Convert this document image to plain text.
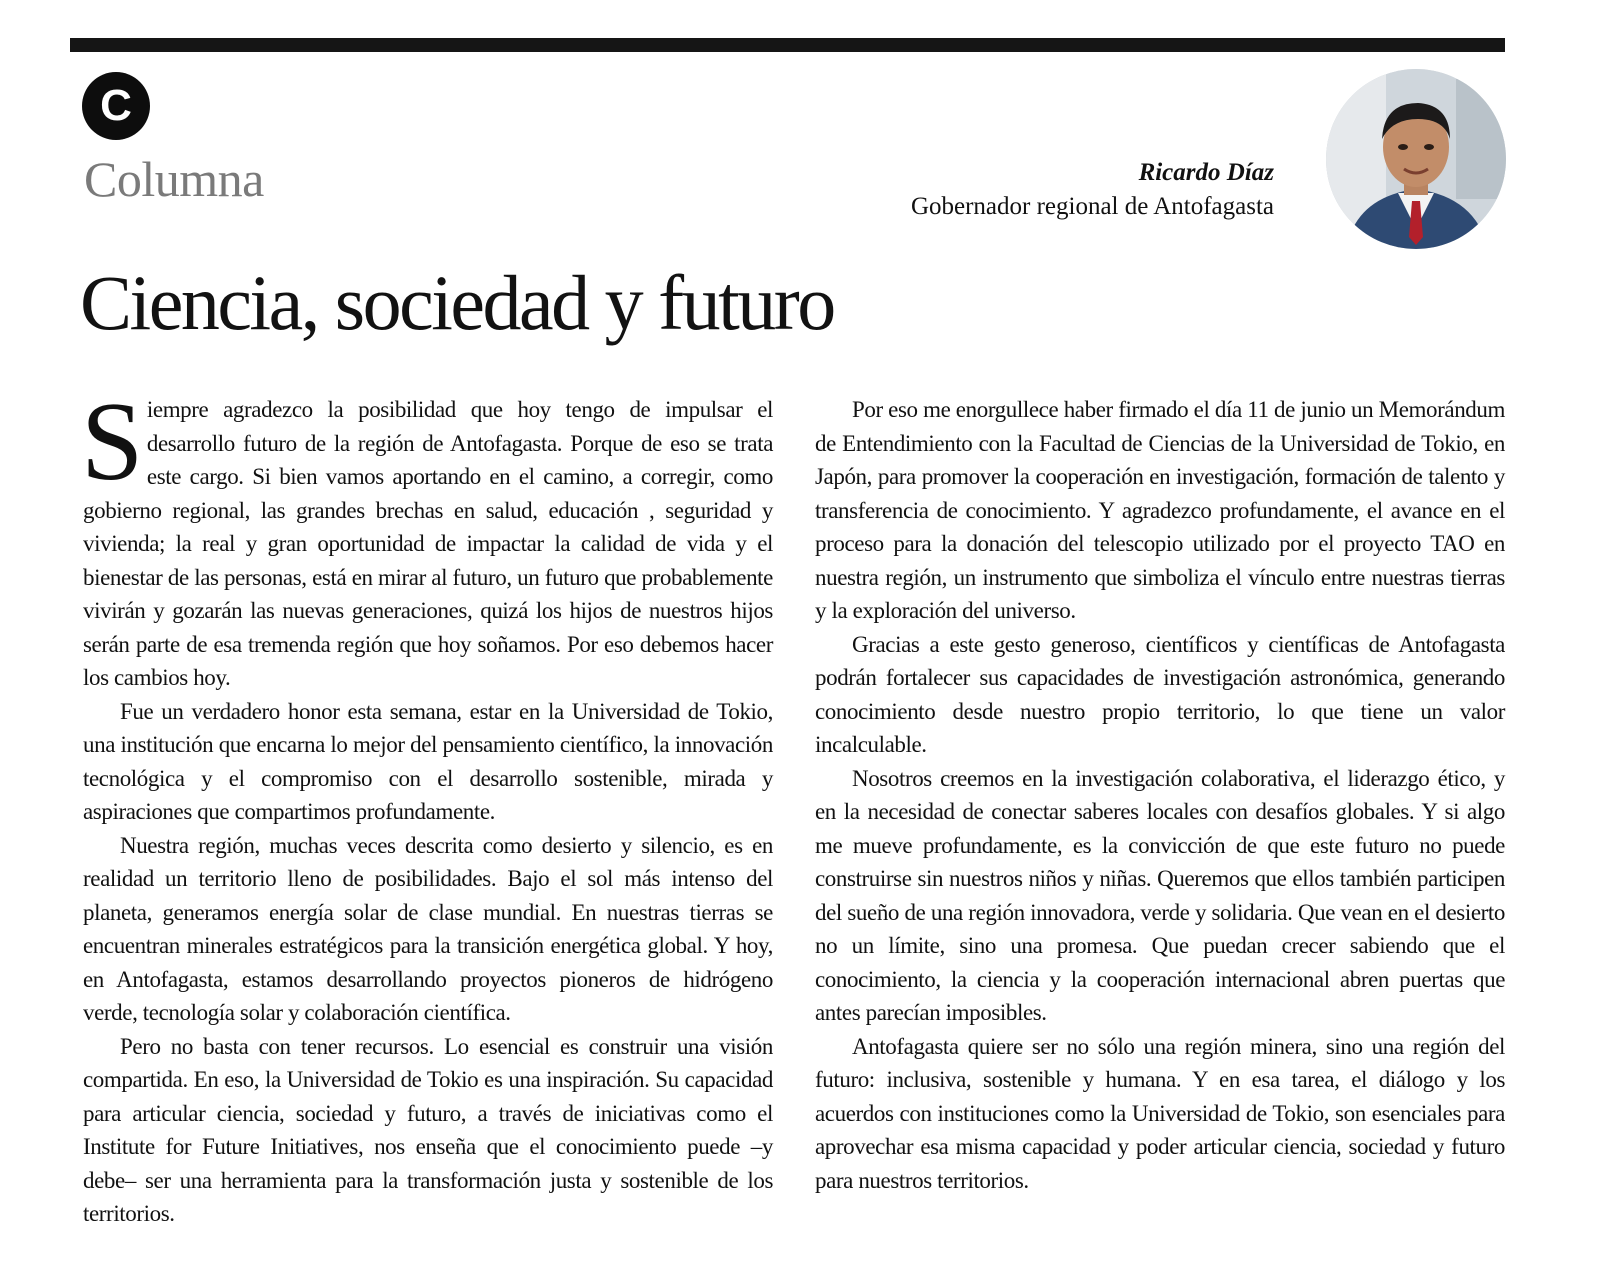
C
Columna	Ricardo Díaz
Gobernador regional de Antofagasta
Ciencia, sociedad y futuro

Siempre agradezco la posibilidad que hoy tengo de impulsar el desarrollo futuro de la región de Antofagasta. Porque de eso se trata este cargo. Si bien vamos aportando en el camino, a corregir, como gobierno regional, las grandes brechas en salud, educación , seguridad y vivienda; la real y gran oportunidad de impactar la calidad de vida y el bienestar de las personas, está en mirar al futuro, un futuro que probablemente vivirán y gozarán las nuevas generaciones, quizá los hijos de nuestros hijos serán parte de esa tremenda región que hoy soñamos. Por eso debemos hacer los cambios hoy.

Fue un verdadero honor esta semana, estar en la Universidad de Tokio, una institución que encarna lo mejor del pensamiento científico, la innovación tecnológica y el compromiso con el desarrollo sostenible, mirada y aspiraciones que compartimos profundamente.

Nuestra región, muchas veces descrita como desierto y silencio, es en realidad un territorio lleno de posibilidades. Bajo el sol más intenso del planeta, generamos energía solar de clase mundial. En nuestras tierras se encuentran minerales estratégicos para la transición energética global. Y hoy, en Antofagasta, estamos desarrollando proyectos pioneros de hidrógeno verde, tecnología solar y colaboración científica.

Pero no basta con tener recursos. Lo esencial es construir una visión compartida. En eso, la Universidad de Tokio es una inspiración. Su capacidad para articular ciencia, sociedad y futuro, a través de iniciativas como el Institute for Future Initiatives, nos enseña que el conocimiento puede –y debe– ser una herramienta para la transformación justa y sostenible de los territorios.

Por eso me enorgullece haber firmado el día 11 de junio un Memorándum de Entendimiento con la Facultad de Ciencias de la Universidad de Tokio, en Japón, para promover la cooperación en investigación, formación de talento y transferencia de conocimiento. Y agradezco profundamente, el avance en el proceso para la donación del telescopio utilizado por el proyecto TAO en nuestra región, un instrumento que simboliza el vínculo entre nuestras tierras y la exploración del universo.

Gracias a este gesto generoso, científicos y científicas de Antofagasta podrán fortalecer sus capacidades de investigación astronómica, generando conocimiento desde nuestro propio territorio, lo que tiene un valor incalculable.

Nosotros creemos en la investigación colaborativa, el liderazgo ético, y en la necesidad de conectar saberes locales con desafíos globales. Y si algo me mueve profundamente, es la convicción de que este futuro no puede construirse sin nuestros niños y niñas. Queremos que ellos también participen del sueño de una región innovadora, verde y solidaria. Que vean en el desierto no un límite, sino una promesa. Que puedan crecer sabiendo que el conocimiento, la ciencia y la cooperación internacional abren puertas que antes parecían imposibles.

Antofagasta quiere ser no sólo una región minera, sino una región del futuro: inclusiva, sostenible y humana. Y en esa tarea, el diálogo y los acuerdos con instituciones como la Universidad de Tokio, son esenciales para aprovechar esa misma capacidad y poder articular ciencia, sociedad y futuro para nuestros territorios.
